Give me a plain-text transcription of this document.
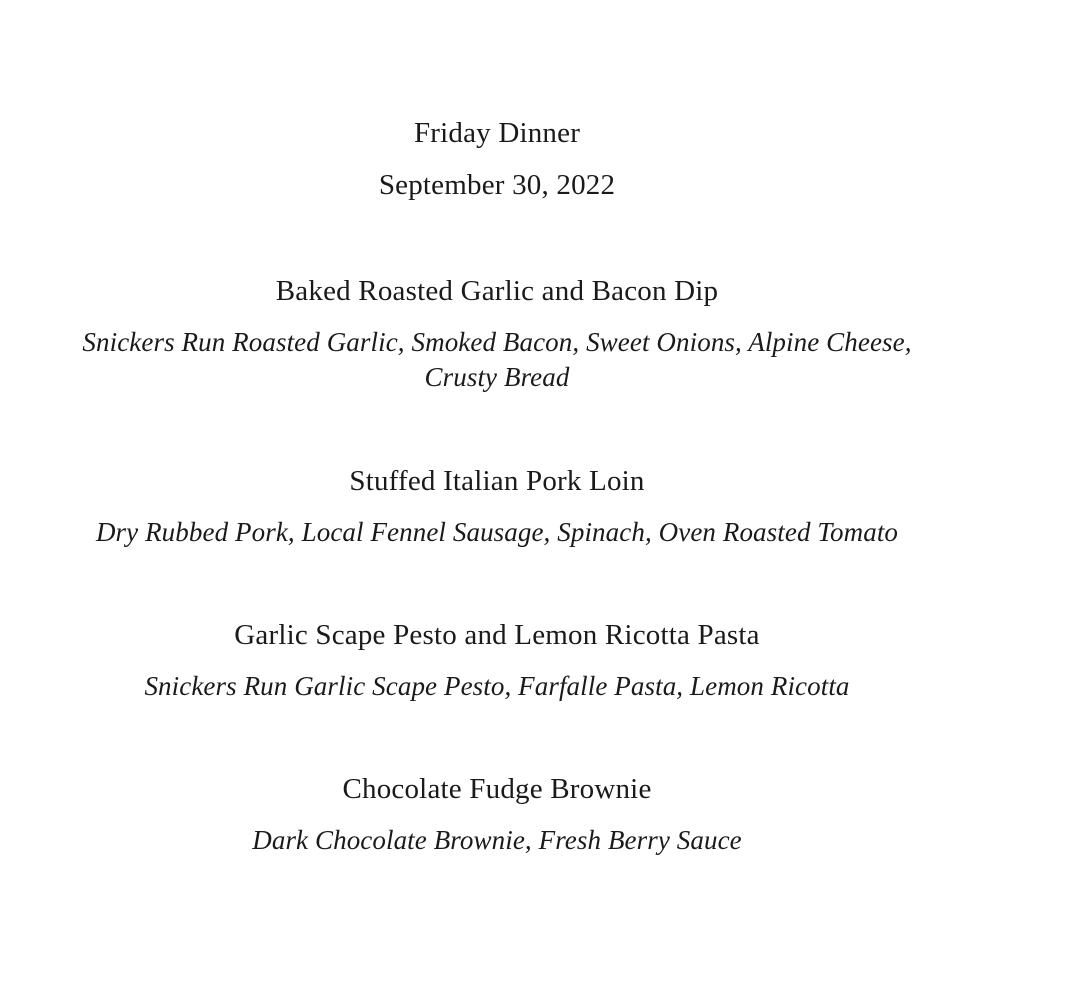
Friday Dinner
September 30, 2022
Baked Roasted Garlic and Bacon Dip
Snickers Run Roasted Garlic, Smoked Bacon, Sweet Onions, Alpine Cheese,
Crusty Bread
Stuffed Italian Pork Loin
Dry Rubbed Pork, Local Fennel Sausage, Spinach, Oven Roasted Tomato
Garlic Scape Pesto and Lemon Ricotta Pasta
Snickers Run Garlic Scape Pesto, Farfalle Pasta, Lemon Ricotta
Chocolate Fudge Brownie
Dark Chocolate Brownie, Fresh Berry Sauce
